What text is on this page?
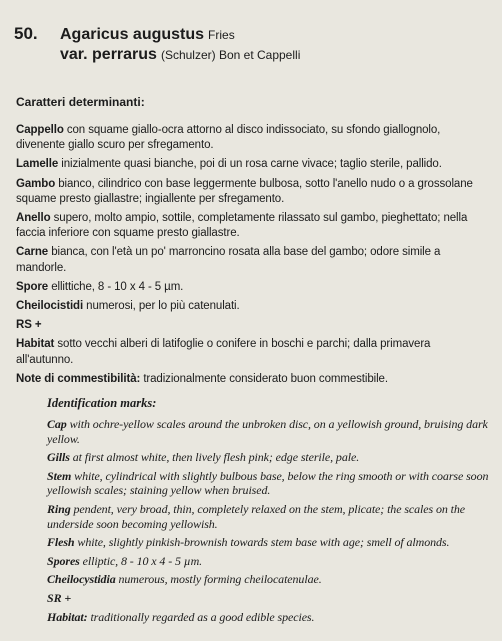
50.	Agaricus augustus Fries
var. perrarus (Schulzer) Bon et Cappelli

Caratteri determinanti:

Cappello con squame giallo-ocra attorno al disco indissociato, su sfondo giallognolo, divenente giallo scuro per sfregamento.

Lamelle inizialmente quasi bianche, poi di un rosa carne vivace; taglio sterile, pallido.

Gambo bianco, cilindrico con base leggermente bulbosa, sotto l'anello nudo o a grossolane squame presto giallastre; ingiallente per sfregamento.

Anello supero, molto ampio, sottile, completamente rilassato sul gambo, pieghettato; nella faccia inferiore con squame presto giallastre.

Carne bianca, con l'età un po' marroncino rosata alla base del gambo; odore simile a mandorle.

Spore ellittiche, 8 - 10 x 4 - 5 µm.

Cheilocistidi numerosi, per lo più catenulati.

RS +

Habitat sotto vecchi alberi di latifoglie o conifere in boschi e parchi; dalla primavera all'autunno.

Note di commestibilità: tradizionalmente considerato buon commestibile.

Identification marks:

Cap with ochre-yellow scales around the unbroken disc, on a yellowish ground, bruising dark yellow.

Gills at first almost white, then lively flesh pink; edge sterile, pale.

Stem white, cylindrical with slightly bulbous base, below the ring smooth or with coarse soon yellowish scales; staining yellow when bruised.

Ring pendent, very broad, thin, completely relaxed on the stem, plicate; the scales on the underside soon becoming yellowish.

Flesh white, slightly pinkish-brownish towards stem base with age; smell of almonds.

Spores elliptic, 8 - 10 x 4 - 5 µm.

Cheilocystidia numerous, mostly forming cheilocatenulae.

SR +

Habitat: traditionally regarded as a good edible species.
